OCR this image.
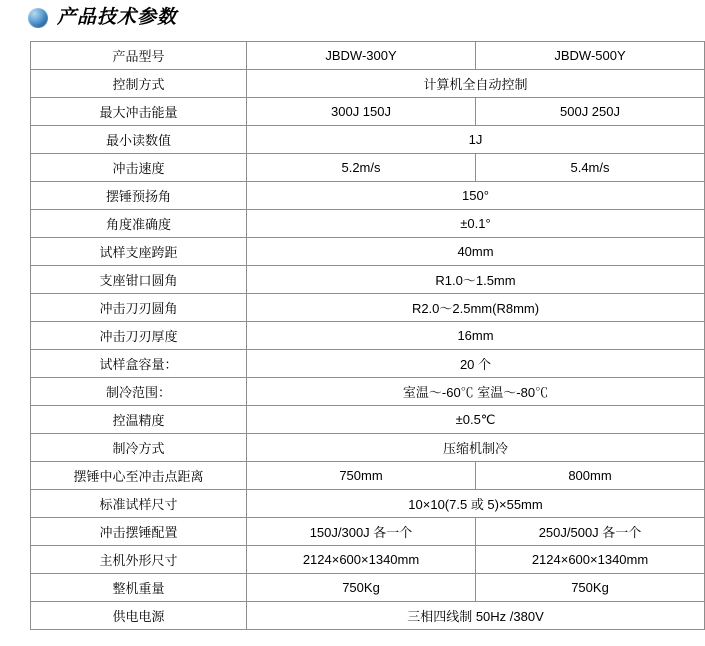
产品技术参数
产品型号	JBDW-300Y	JBDW-500Y
控制方式	计算机全自动控制	
最大冲击能量	300J 150J	500J 250J
最小读数值	1J	
冲击速度	5.2m/s	5.4m/s
摆锤预扬角	150°	
角度准确度	±0.1°	
试样支座跨距	40mm	
支座钳口圆角	R1.0～1.5mm	
冲击刀刃圆角	R2.0～2.5mm(R8mm)	
冲击刀刃厚度	16mm	
试样盒容量：	20 个	
制冷范围：	室温～-60℃ 室温～-80℃	
控温精度	±0.5℃	
制冷方式	压缩机制冷	
摆锤中心至冲击点距离	750mm	800mm
标准试样尺寸	10×10(7.5 或 5)×55mm	
冲击摆锤配置	150J/300J 各一个	250J/500J 各一个
主机外形尺寸	2124×600×1340mm	2124×600×1340mm
整机重量	750Kg	750Kg
供电电源	三相四线制 50Hz /380V	
